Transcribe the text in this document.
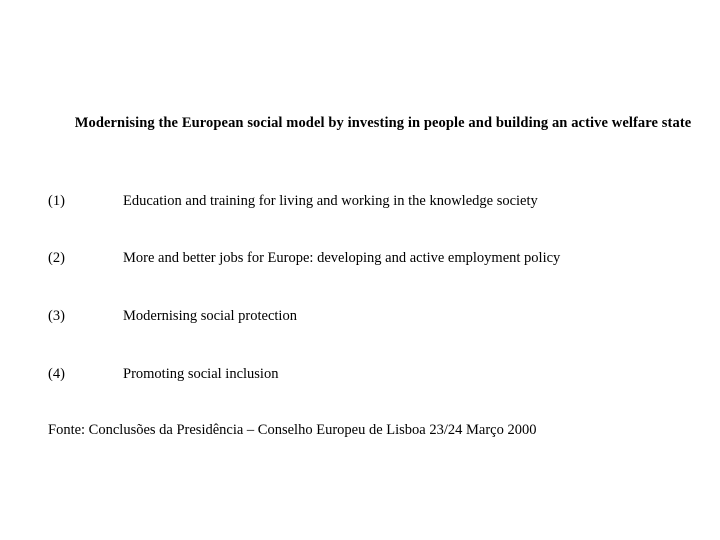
Modernising the European social model by investing in people and building an active welfare state
(1)	Education and training for living and working in the knowledge society
(2)	More and better jobs for Europe: developing and active employment policy
(3)	Modernising social protection
(4)	Promoting social inclusion
Fonte: Conclusões da Presidência – Conselho Europeu de Lisboa 23/24 Março 2000
